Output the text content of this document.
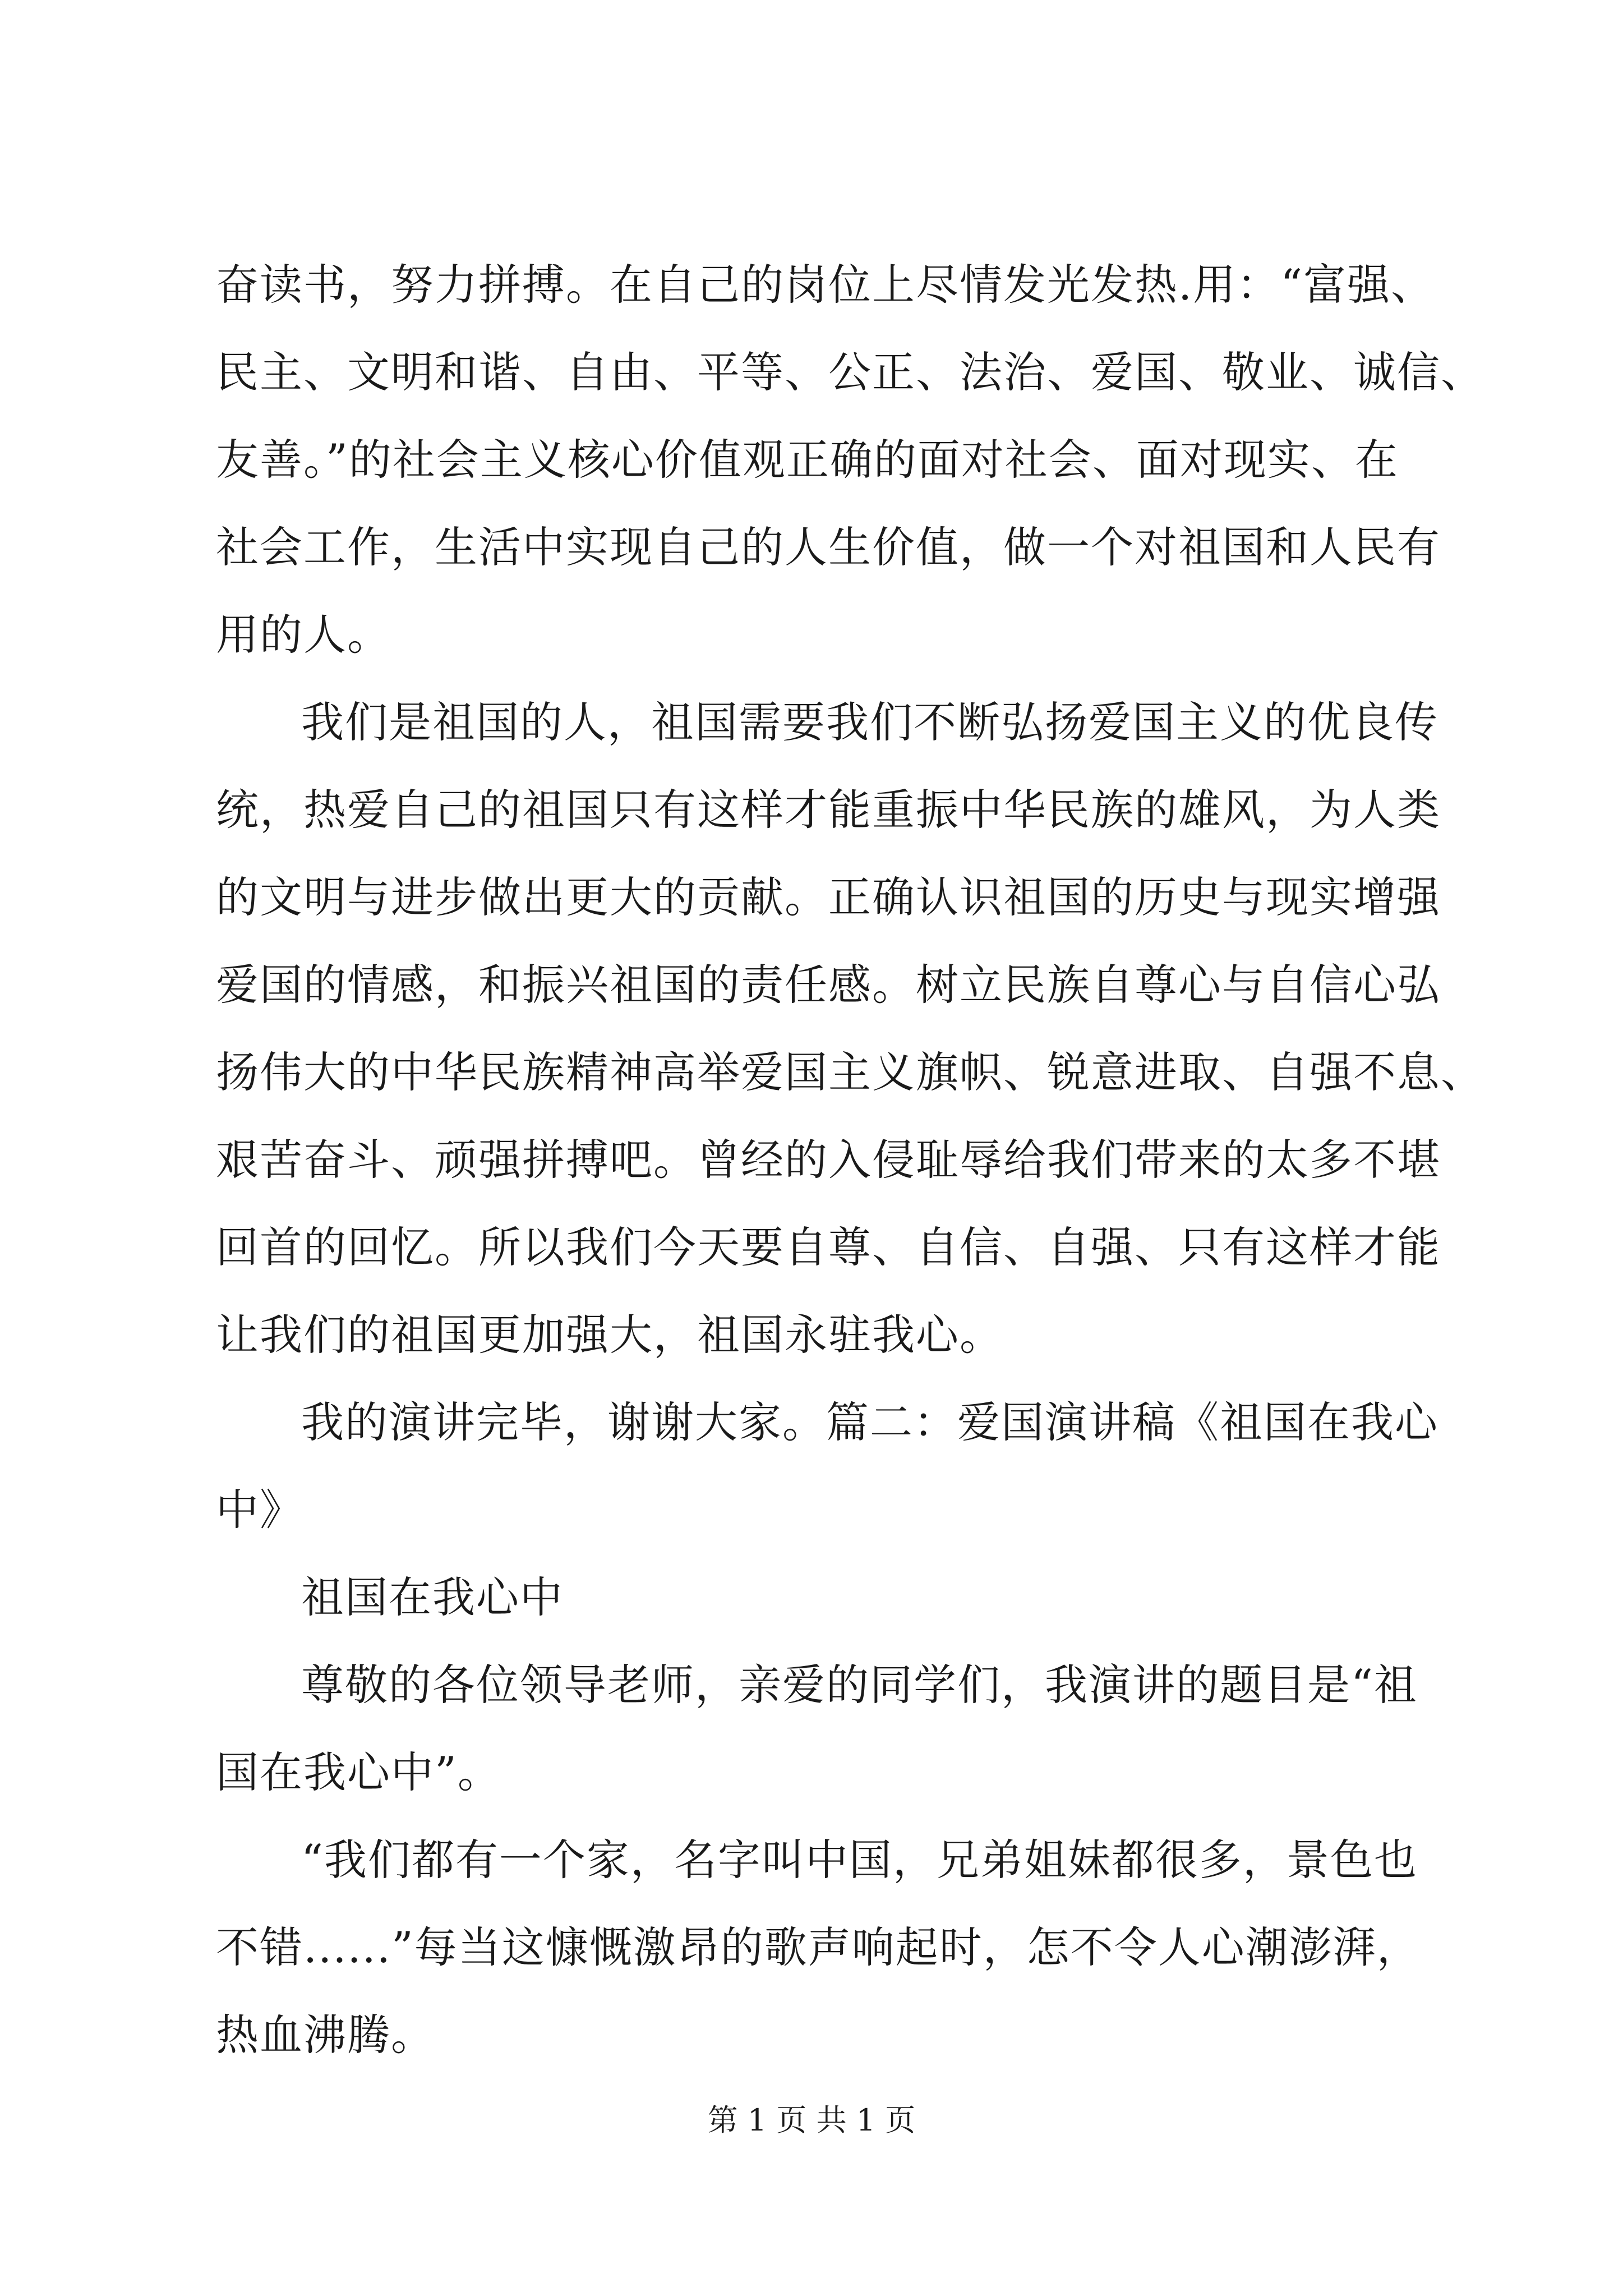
奋读书，努力拼搏。在自己的岗位上尽情发光发热.用：“富强、
民主、文明和谐、自由、平等、公正、法治、爱国、敬业、诚信、
友善。”的社会主义核心价值观正确的面对社会、面对现实、在
社会工作，生活中实现自己的人生价值，做一个对祖国和人民有
用的人。
我们是祖国的人，祖国需要我们不断弘扬爱国主义的优良传
统，热爱自己的祖国只有这样才能重振中华民族的雄风，为人类
的文明与进步做出更大的贡献。正确认识祖国的历史与现实增强
爱国的情感，和振兴祖国的责任感。树立民族自尊心与自信心弘
扬伟大的中华民族精神高举爱国主义旗帜、锐意进取、自强不息、
艰苦奋斗、顽强拼搏吧。曾经的入侵耻辱给我们带来的太多不堪
回首的回忆。所以我们今天要自尊、自信、自强、只有这样才能
让我们的祖国更加强大，祖国永驻我心。
我的演讲完毕，谢谢大家。篇二：爱国演讲稿《祖国在我心
中》
祖国在我心中
尊敬的各位领导老师，亲爱的同学们，我演讲的题目是“祖
国在我心中”。
“我们都有一个家，名字叫中国，兄弟姐妹都很多，景色也
不错......”每当这慷慨激昂的歌声响起时，怎不令人心潮澎湃，
热血沸腾。
第 1 页 共 1 页
